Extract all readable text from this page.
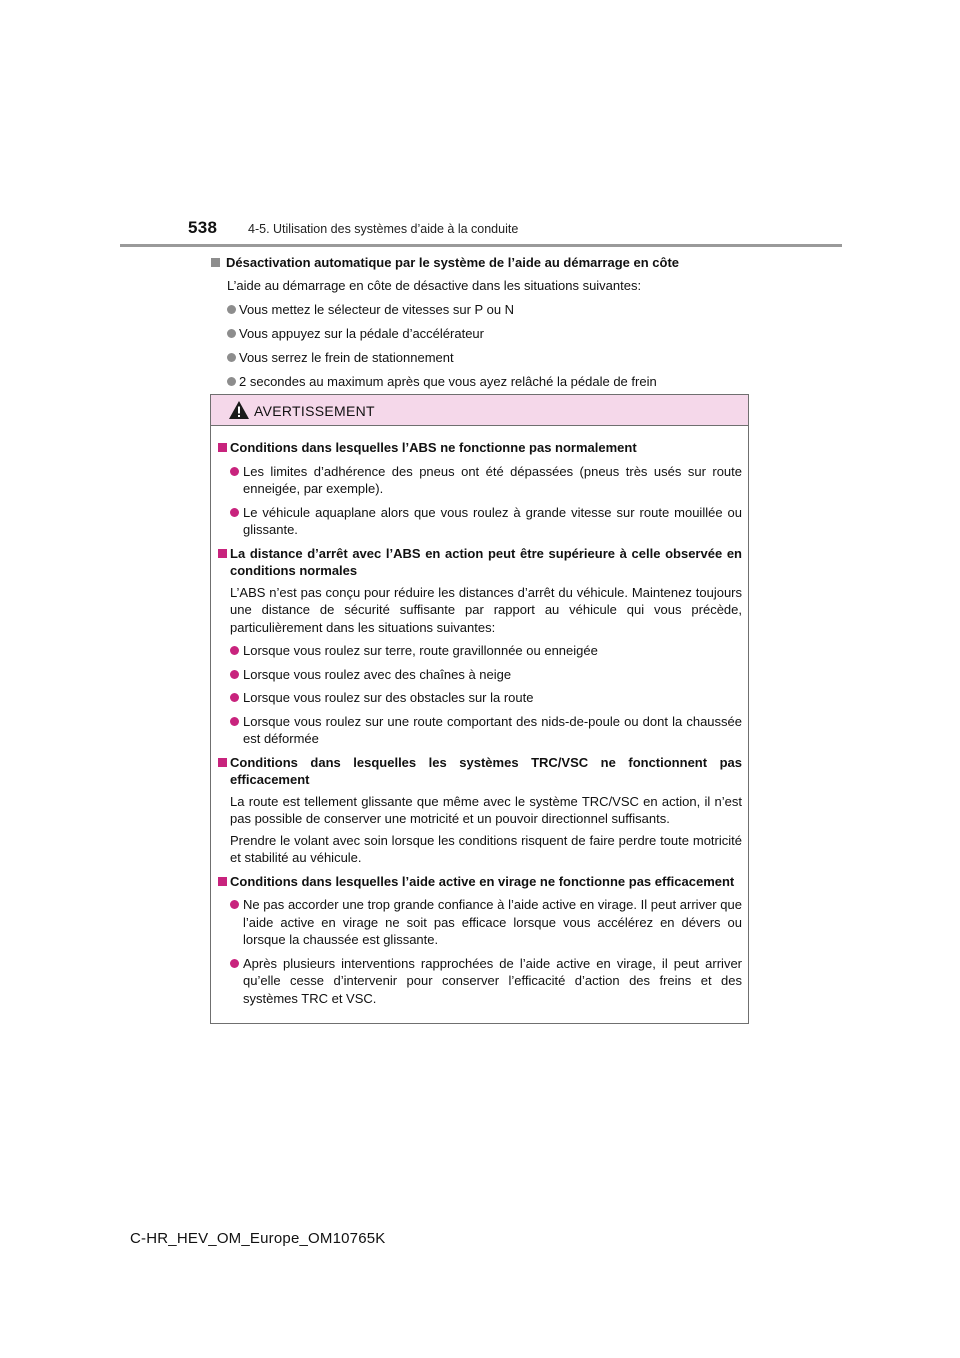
538 4-5. Utilisation des systèmes d’aide à la conduite
Désactivation automatique par le système de l’aide au démarrage en côte
L’aide au démarrage en côte de désactive dans les situations suivantes:
Vous mettez le sélecteur de vitesses sur P ou N
Vous appuyez sur la pédale d’accélérateur
Vous serrez le frein de stationnement
2 secondes au maximum après que vous ayez relâché la pédale de frein
AVERTISSEMENT
Conditions dans lesquelles l’ABS ne fonctionne pas normalement
Les limites d’adhérence des pneus ont été dépassées (pneus très usés sur route enneigée, par exemple).
Le véhicule aquaplane alors que vous roulez à grande vitesse sur route mouillée ou glissante.
La distance d’arrêt avec l’ABS en action peut être supérieure à celle observée en conditions normales
L’ABS n’est pas conçu pour réduire les distances d’arrêt du véhicule. Maintenez toujours une distance de sécurité suffisante par rapport au véhicule qui vous précède, particulièrement dans les situations suivantes:
Lorsque vous roulez sur terre, route gravillonnée ou enneigée
Lorsque vous roulez avec des chaînes à neige
Lorsque vous roulez sur des obstacles sur la route
Lorsque vous roulez sur une route comportant des nids-de-poule ou dont la chaussée est déformée
Conditions dans lesquelles les systèmes TRC/VSC ne fonctionnent pas efficacement
La route est tellement glissante que même avec le système TRC/VSC en action, il n’est pas possible de conserver une motricité et un pouvoir directionnel suffisants.
Prendre le volant avec soin lorsque les conditions risquent de faire perdre toute motricité et stabilité au véhicule.
Conditions dans lesquelles l’aide active en virage ne fonctionne pas efficacement
Ne pas accorder une trop grande confiance à l’aide active en virage. Il peut arriver que l’aide active en virage ne soit pas efficace lorsque vous accélérez en dévers ou lorsque la chaussée est glissante.
Après plusieurs interventions rapprochées de l’aide active en virage, il peut arriver qu’elle cesse d’intervenir pour conserver l’efficacité d’action des freins et des systèmes TRC et VSC.
C-HR_HEV_OM_Europe_OM10765K
